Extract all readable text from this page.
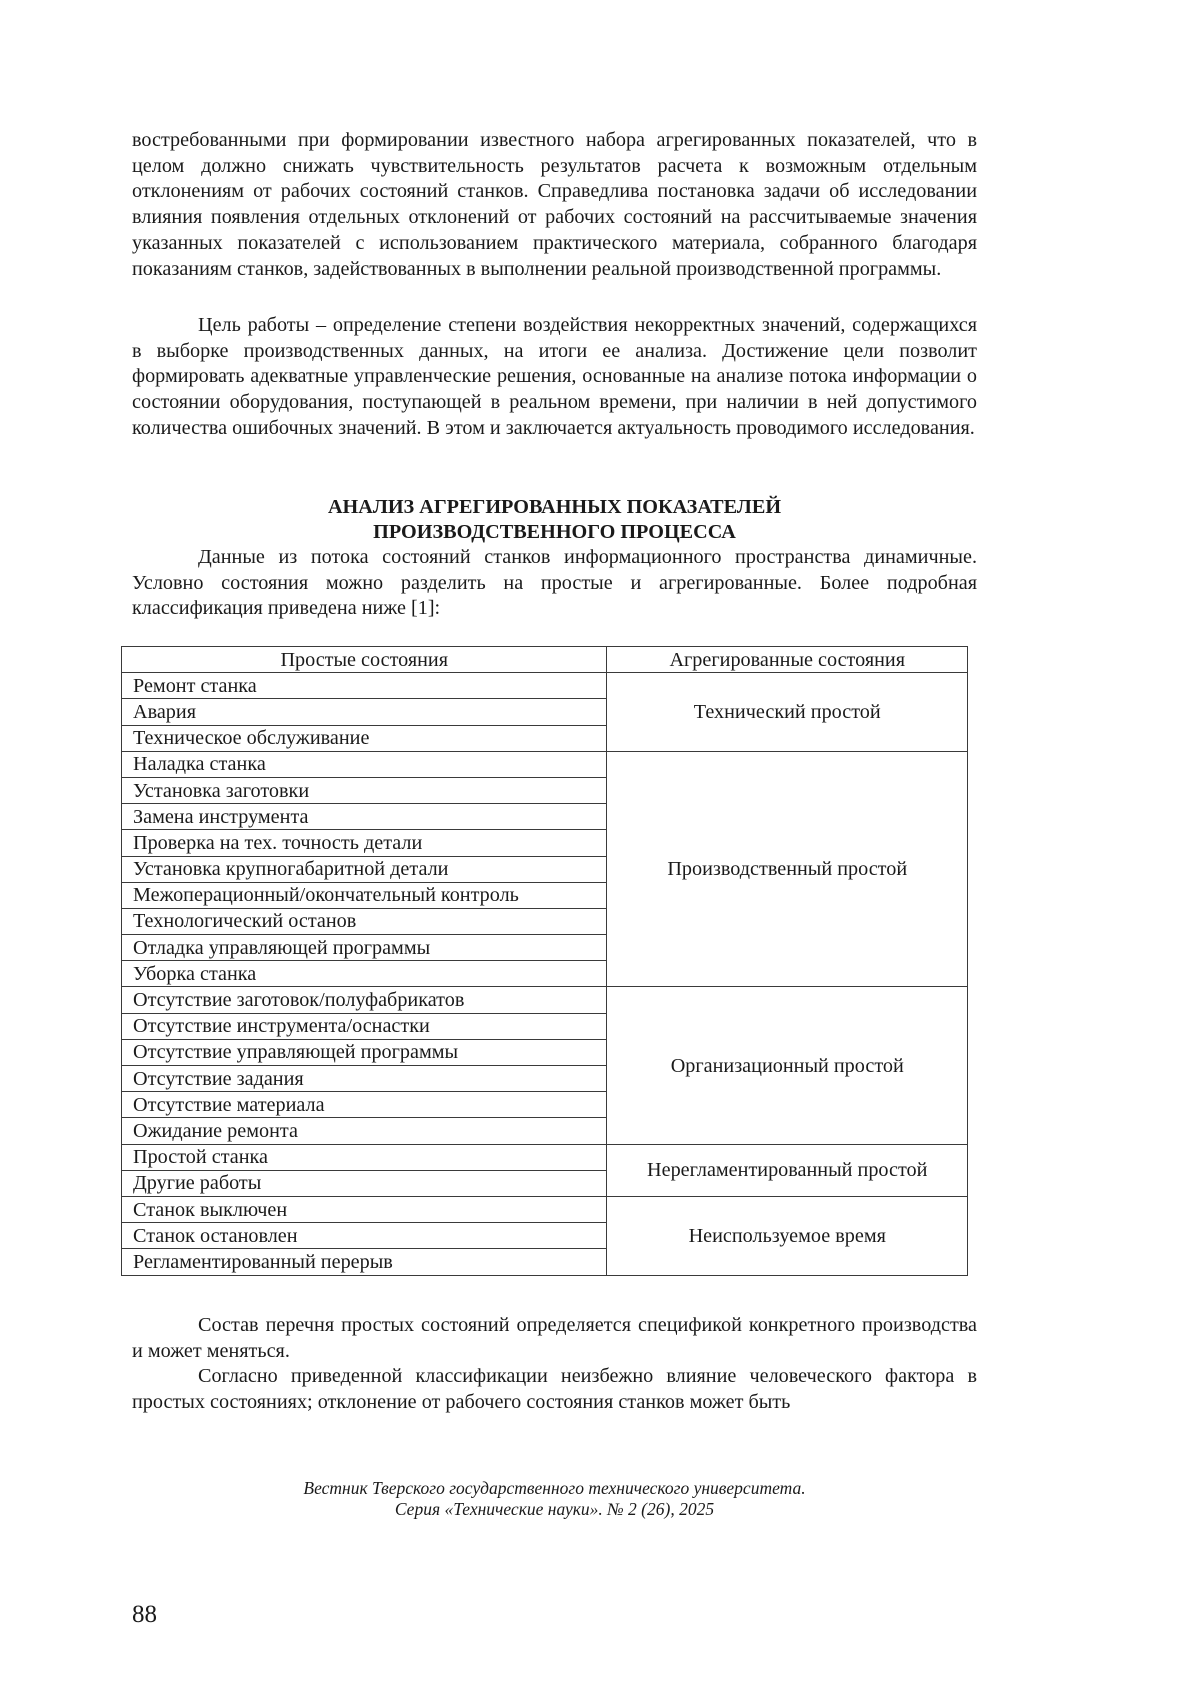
востребованными при формировании известного набора агрегированных показателей, что в целом должно снижать чувствительность результатов расчета к возможным отдельным отклонениям от рабочих состояний станков. Справедлива постановка задачи об исследовании влияния появления отдельных отклонений от рабочих состояний на рассчитываемые значения указанных показателей с использованием практического материала, собранного благодаря показаниям станков, задействованных в выполнении реальной производственной программы.

Цель работы – определение степени воздействия некорректных значений, содержащихся в выборке производственных данных, на итоги ее анализа. Достижение цели позволит формировать адекватные управленческие решения, основанные на анализе потока информации о состоянии оборудования, поступающей в реальном времени, при наличии в ней допустимого количества ошибочных значений. В этом и заключается актуальность проводимого исследования.

АНАЛИЗ АГРЕГИРОВАННЫХ ПОКАЗАТЕЛЕЙ
ПРОИЗВОДСТВЕННОГО ПРОЦЕССА

Данные из потока состояний станков информационного пространства динамичные. Условно состояния можно разделить на простые и агрегированные. Более подробная классификация приведена ниже [1]:

Простые состояния	Агрегированные состояния
Ремонт станка	Технический простой
Авария	
Техническое обслуживание	
Наладка станка	Производственный простой
Установка заготовки	
Замена инструмента	
Проверка на тех. точность детали	
Установка крупногабаритной детали	
Межоперационный/окончательный контроль	
Технологический останов	
Отладка управляющей программы	
Уборка станка	
Отсутствие заготовок/полуфабрикатов	Организационный простой
Отсутствие инструмента/оснастки	
Отсутствие управляющей программы	
Отсутствие задания	
Отсутствие материала	
Ожидание ремонта	
Простой станка	Нерегламентированный простой
Другие работы	
Станок выключен	Неиспользуемое время
Станок остановлен	
Регламентированный перерыв	

Состав перечня простых состояний определяется спецификой конкретного производства и может меняться.

Согласно приведенной классификации неизбежно влияние человеческого фактора в простых состояниях; отклонение от рабочего состояния станков может быть

Вестник Тверского государственного технического университета.
Серия «Технические науки». № 2 (26), 2025
88
